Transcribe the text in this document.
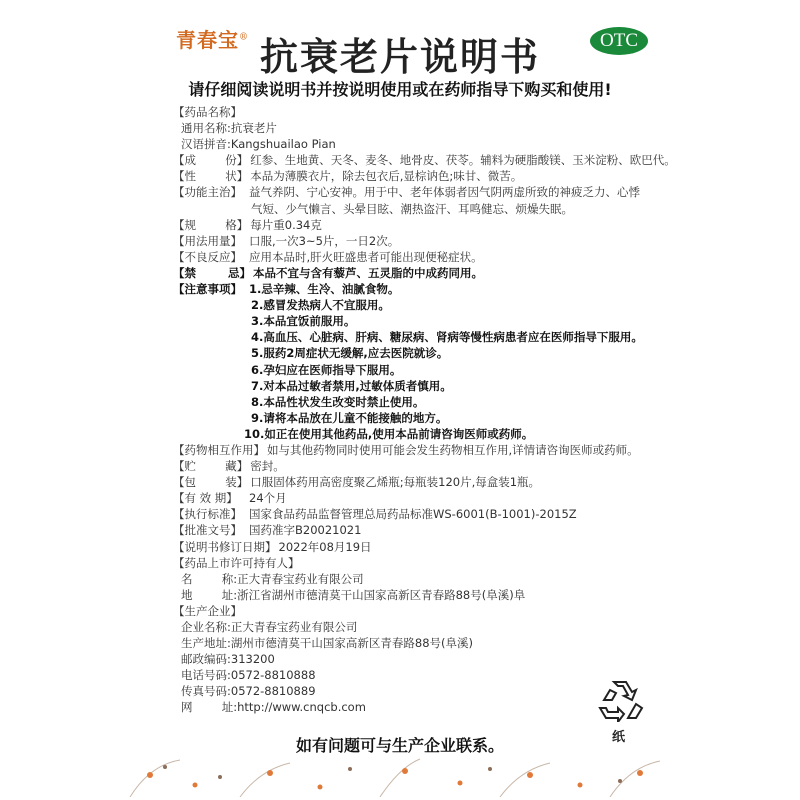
青春宝® 抗衰老片说明书	OTC
请仔细阅读说明书并按说明使用或在药师指导下购买和使用!
【药品名称】
通用名称:抗衰老片
汉语拼音:Kangshuailao Pian
【成        份】 红参、生地黄、天冬、麦冬、地骨皮、茯苓。辅料为硬脂酸镁、玉米淀粉、欧巴代。
【性        状】 本品为薄膜衣片，除去包衣后,显棕讷色;味甘、微苦。
【功能主治】 益气养阴、宁心安神。用于中、老年体弱者因气阴两虚所致的神疲乏力、心悸
气短、少气懒言、头晕目眩、潮热盗汗、耳鸣健忘、烦燥失眠。
【规        格】 每片重0.34克
【用法用量】 口服,一次3~5片，一日2次。
【不良反应】 应用本品时,肝火旺盛患者可能出现便秘症状。
【禁        忌】 本品不宜与含有藜芦、五灵脂的中成药同用。
【注意事项】 1.忌辛辣、生冷、油腻食物。
2.感冒发热病人不宜服用。
3.本品宜饭前服用。
4.高血压、心脏病、肝病、糖尿病、肾病等慢性病患者应在医师指导下服用。
5.服药2周症状无缓解,应去医院就诊。
6.孕妇应在医师指导下服用。
7.对本品过敏者禁用,过敏体质者慎用。
8.本品性状发生改变时禁止使用。
9.请将本品放在儿童不能接触的地方。
10.如正在使用其他药品,使用本品前请咨询医师或药师。
【药物相互作用】 如与其他药物同时使用可能会发生药物相互作用,详情请咨询医师或药师。
【贮        藏】 密封。
【包        装】 口服固体药用高密度聚乙烯瓶;每瓶装120片,每盒装1瓶。
【有 效 期】 24个月
【执行标准】 国家食品药品监督管理总局药品标准WS-6001(B-1001)-2015Z
【批准文号】 国药准字B20021021
【说明书修订日期】 2022年08月19日
【药品上市许可持有人】
名        称:正大青春宝药业有限公司
地        址:浙江省湖州市德清莫干山国家高新区青春路88号(阜溪)阜
【生产企业】
企业名称:正大青春宝药业有限公司
生产地址:湖州市德清莫干山国家高新区青春路88号(阜溪)
邮政编码:313200
电话号码:0572-8810888
传真号码:0572-8810889
网        址:http://www.cnqcb.com
纸
如有问题可与生产企业联系。
